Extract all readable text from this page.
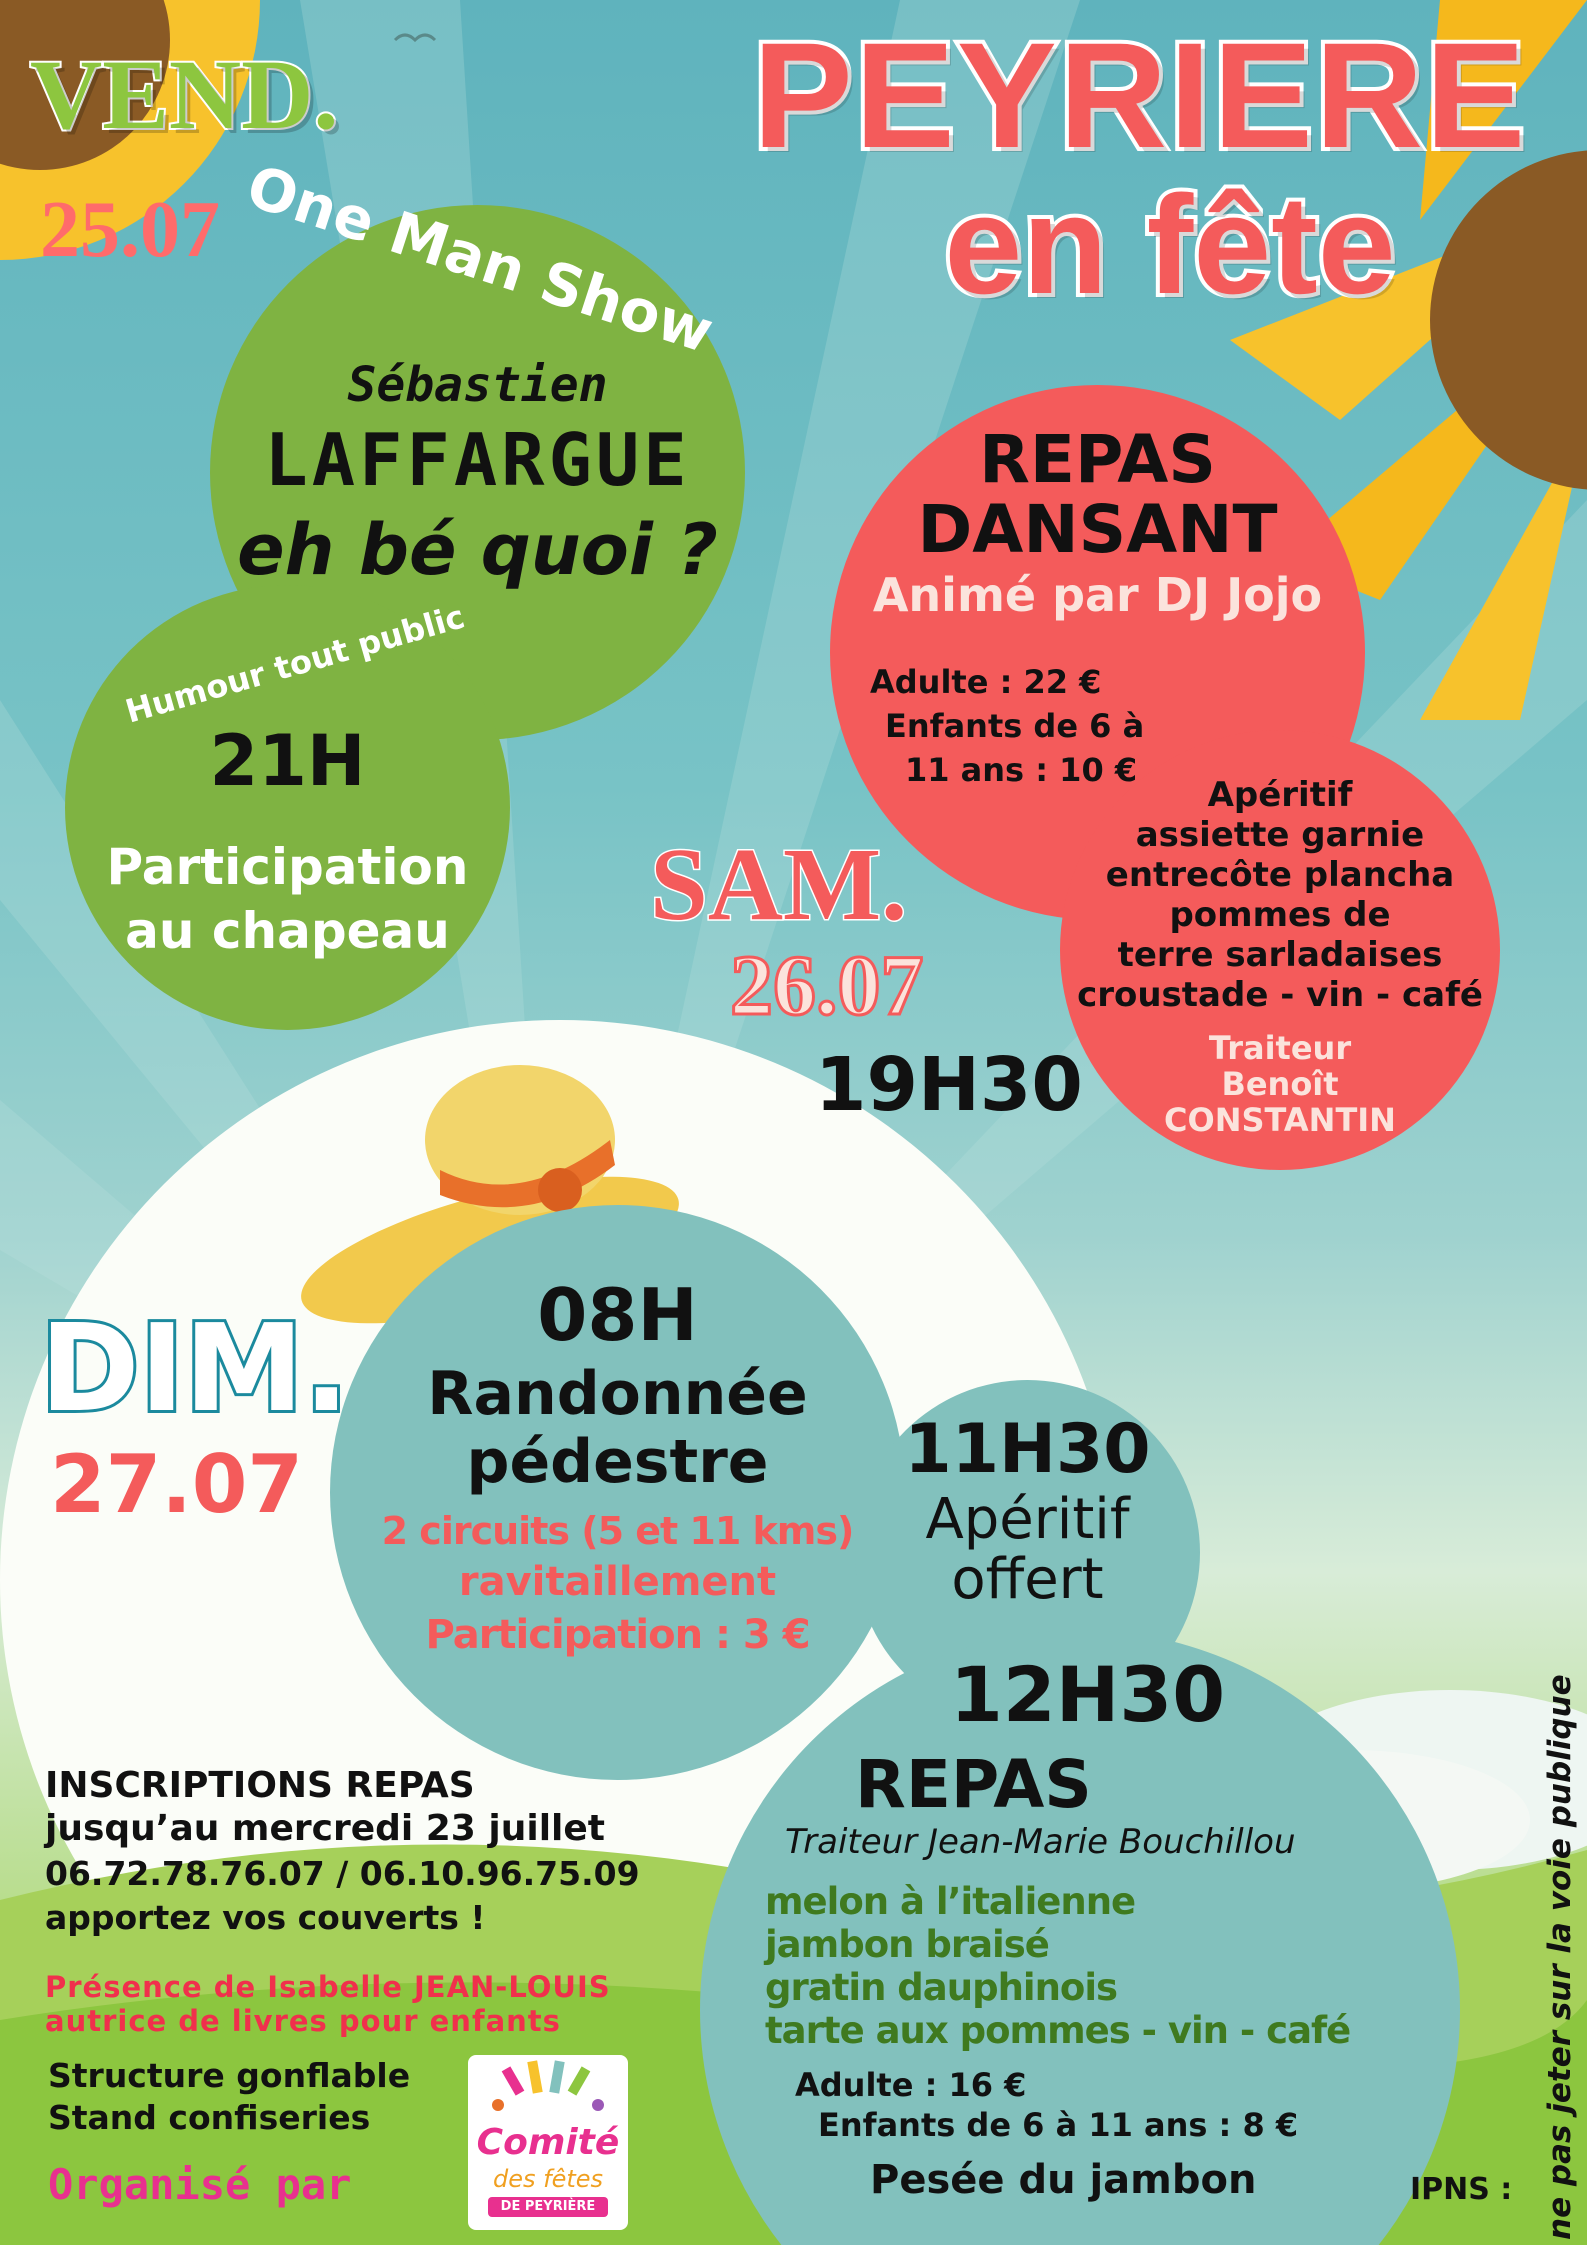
PEYRIERE
en fête
VEND.
25.07 One Man Show
Sébastien
LAFFARGUE
eh bé quoi ?
Humour tout public
21H
Participation
au chapeau
REPAS
DANSANT
Animé par DJ Jojo
Adulte : 22 €
Enfants de 6 à
11 ans : 10 €
Apéritif
assiette garnie
entrecôte plancha
pommes de
terre sarladaises
croustade - vin - café
Traiteur
Benoît
CONSTANTIN
SAM.
26.07
19H30
DIM.
27.07
08H
Randonnée
pédestre
2 circuits (5 et 11 kms)
ravitaillement
Participation : 3 €
11H30
Apéritif
offert
12H30
REPAS
Traiteur Jean-Marie Bouchillou
melon à l’italienne
jambon braisé
gratin dauphinois
tarte aux pommes - vin - café
Adulte : 16 €
Enfants de 6 à 11 ans : 8 €
Pesée du jambon
INSCRIPTIONS REPAS
jusqu’au mercredi 23 juillet
06.72.78.76.07 / 06.10.96.75.09
apportez vos couverts !
Présence de Isabelle JEAN-LOUIS
autrice de livres pour enfants
Structure gonflable
Stand confiseries
Organisé par
Comité
des fêtes
DE PEYRIÈRE	ne pas jeter sur la voie publique
IPNS :
